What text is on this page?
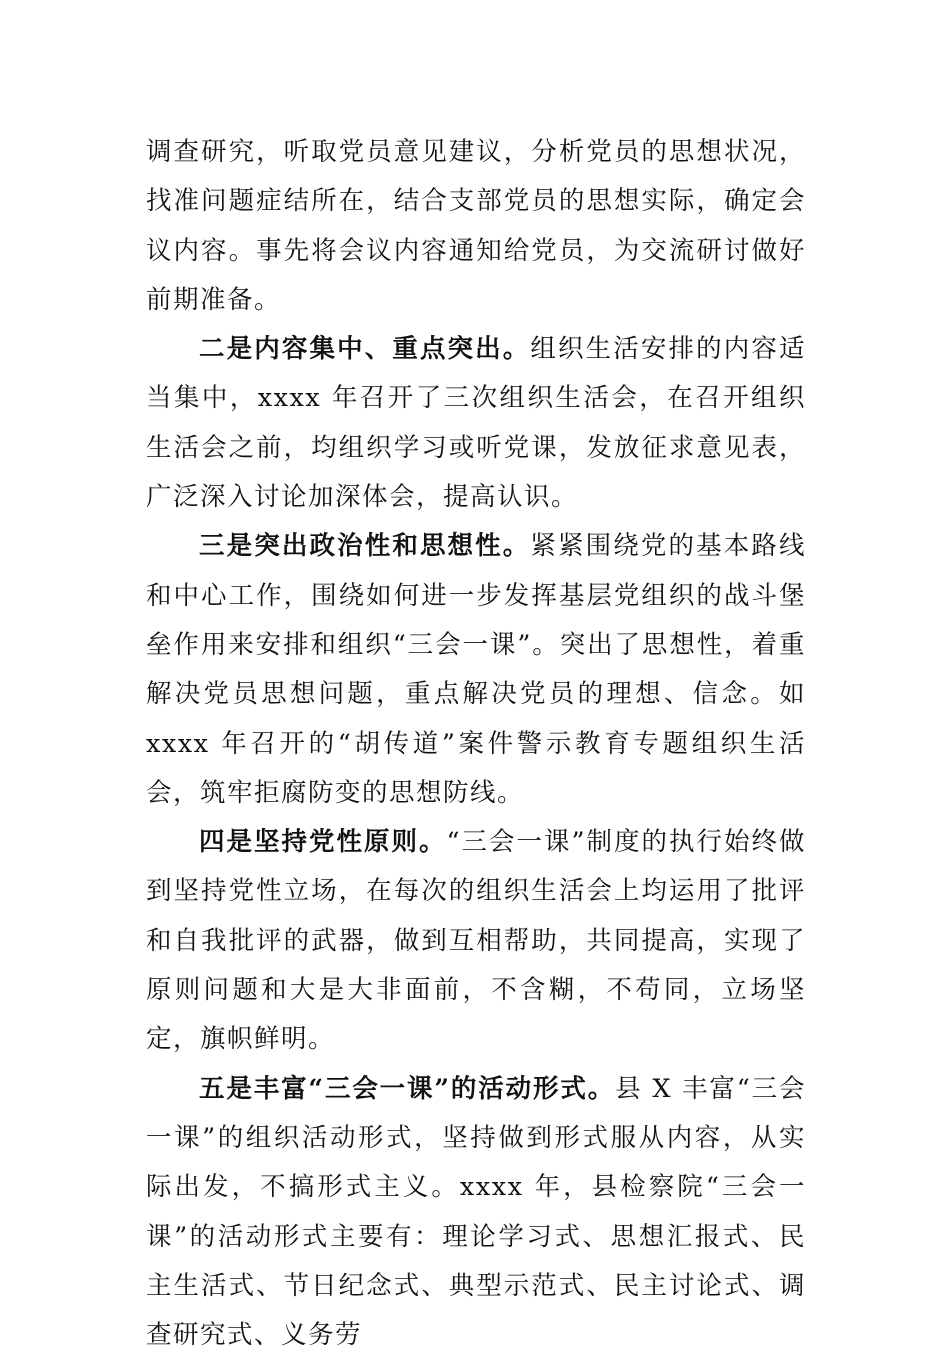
调查研究，听取党员意见建议，分析党员的思想状况，找准问题症结所在，结合支部党员的思想实际，确定会议内容。事先将会议内容通知给党员，为交流研讨做好前期准备。

二是内容集中、重点突出。组织生活安排的内容适当集中，xxxx 年召开了三次组织生活会，在召开组织生活会之前，均组织学习或听党课，发放征求意见表，广泛深入讨论加深体会，提高认识。

三是突出政治性和思想性。紧紧围绕党的基本路线和中心工作，围绕如何进一步发挥基层党组织的战斗堡垒作用来安排和组织“三会一课”。突出了思想性，着重解决党员思想问题，重点解决党员的理想、信念。如 xxxx 年召开的“胡传道”案件警示教育专题组织生活会，筑牢拒腐防变的思想防线。

四是坚持党性原则。“三会一课”制度的执行始终做到坚持党性立场，在每次的组织生活会上均运用了批评和自我批评的武器，做到互相帮助，共同提高，实现了原则问题和大是大非面前，不含糊，不苟同，立场坚定，旗帜鲜明。

五是丰富“三会一课”的活动形式。县 X 丰富“三会一课”的组织活动形式，坚持做到形式服从内容，从实际出发，不搞形式主义。xxxx 年，县检察院“三会一课”的活动形式主要有：理论学习式、思想汇报式、民主生活式、节日纪念式、典型示范式、民主讨论式、调查研究式、义务劳
